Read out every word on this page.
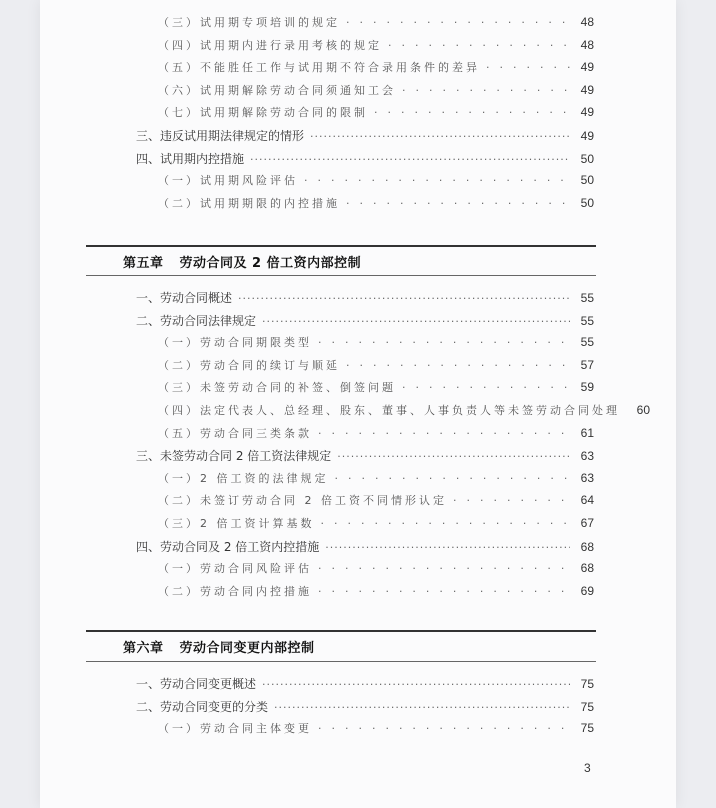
（三）试用期专项培训的规定 · ·	48
（四）试用期内进行录用考核的规定 · ·	48
（五）不能胜任工作与试用期不符合录用条件的差异 · ·	49
（六）试用期解除劳动合同须通知工会 · ·	49
（七）试用期解除劳动合同的限制 · ·	49
三、违反试用期法律规定的情形 ·····	49
四、试用期内控措施 ·····	50
（一）试用期风险评估 · ·	50
（二）试用期期限的内控措施 · ·	50
第五章 劳动合同及 2 倍工资内部控制
一、劳动合同概述 ·····	55
二、劳动合同法律规定 ·····	55
（一）劳动合同期限类型 · ·	55
（二）劳动合同的续订与顺延 · ·	57
（三）未签劳动合同的补签、倒签问题 · ·	59
（四）法定代表人、总经理、股东、董事、人事负责人等未签劳动合同处理	60
（五）劳动合同三类条款 · ·	61
三、未签劳动合同 2 倍工资法律规定 ·····	63
（一）2 倍工资的法律规定 · ·	63
（二）未签订劳动合同 2 倍工资不同情形认定 · ·	64
（三）2 倍工资计算基数 · ·	67
四、劳动合同及 2 倍工资内控措施 ·····	68
（一）劳动合同风险评估 · ·	68
（二）劳动合同内控措施 · ·	69
第六章 劳动合同变更内部控制
一、劳动合同变更概述 ·····	75
二、劳动合同变更的分类 ·····	75
（一）劳动合同主体变更 · ·	75
3
